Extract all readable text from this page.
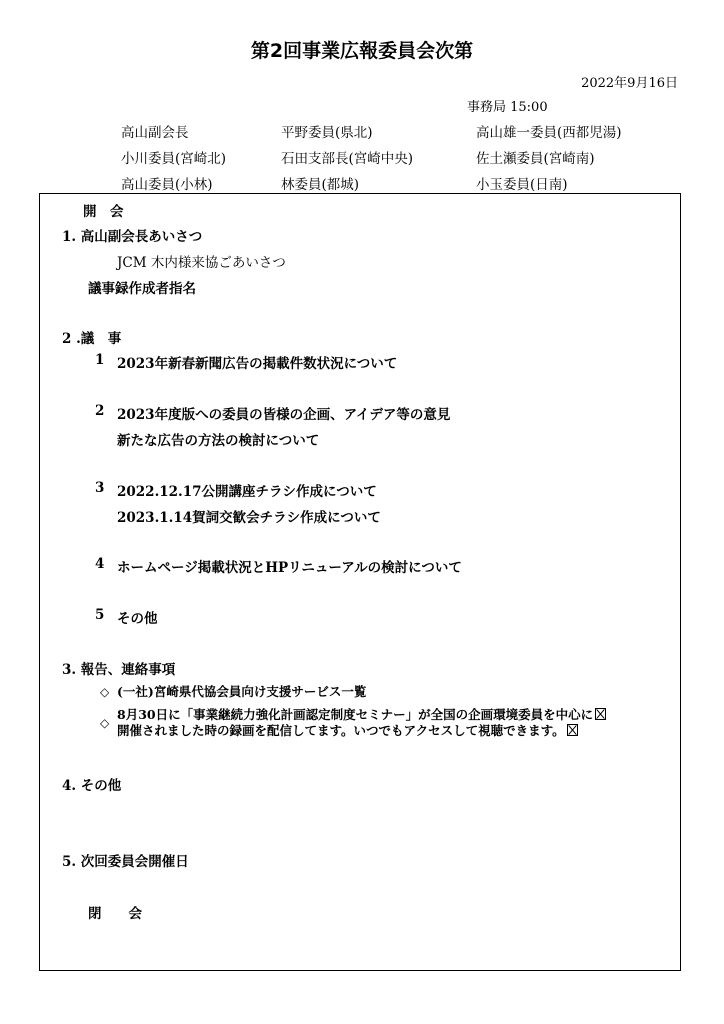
第2回事業広報委員会次第
2022年9月16日
事務局 15:00
高山副会長	平野委員(県北)	高山雄一委員(西都児湯)
小川委員(宮崎北)	石田支部長(宮崎中央)	佐土瀬委員(宮崎南)
高山委員(小林)	林委員(都城)	小玉委員(日南)
開　会
1. 高山副会長あいさつ
JCM 木内様来協ごあいさつ
議事録作成者指名
2 .議　事
1 2023年新春新聞広告の掲載件数状況について
2 2023年度版への委員の皆様の企画、アイデア等の意見
新たな広告の方法の検討について
3 2022.12.17公開講座チラシ作成について
2023.1.14賀詞交歓会チラシ作成について
4 ホームページ掲載状況とHPリニューアルの検討について
5 その他
3. 報告、連絡事項
◇ (一社)宮崎県代協会員向け支援サービス一覧
◇
8月30日に「事業継続力強化計画認定制度セミナー」が全国の企画環境委員を中心に
開催されました時の録画を配信してます。いつでもアクセスして視聴できます。
4. その他
5. 次回委員会開催日
閉　　会
